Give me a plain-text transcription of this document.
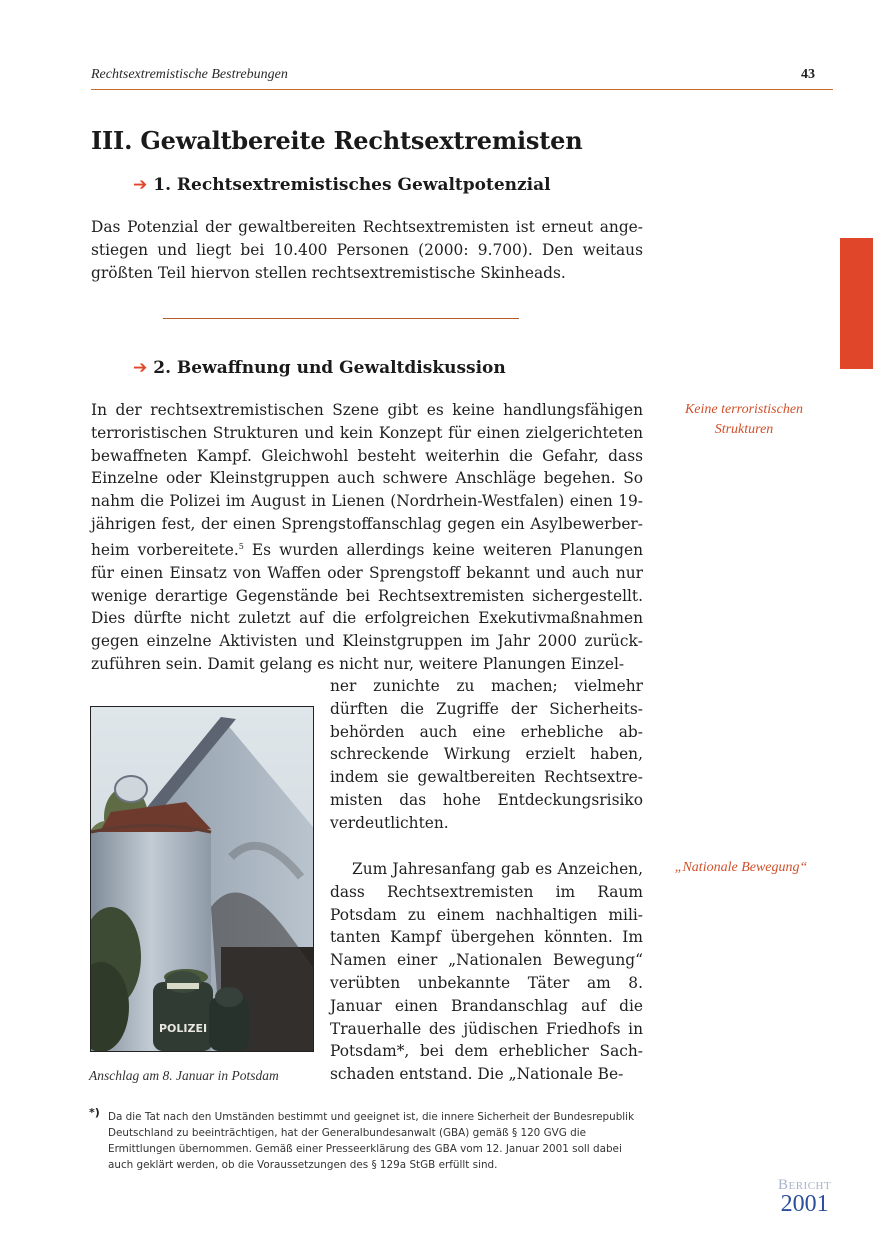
Rechtsextremistische Bestrebungen	43
III. Gewaltbereite Rechtsextremisten
➔ 1. Rechtsextremistisches Gewaltpotenzial

Das Potenzial der gewaltbereiten Rechtsextremisten ist erneut angestiegen und liegt bei 10.400 Personen (2000: 9.700). Den weitaus größten Teil hiervon stellen rechtsextremistische Skinheads.

➔ 2. Bewaffnung und Gewaltdiskussion

In der rechtsextremistischen Szene gibt es keine handlungsfähigen terroristischen Strukturen und kein Konzept für einen zielgerichteten bewaffneten Kampf. Gleichwohl besteht weiterhin die Gefahr, dass Einzelne oder Kleinstgruppen auch schwere Anschläge begehen. So nahm die Polizei im August in Lienen (Nordrhein-Westfalen) einen 19-jährigen fest, der einen Sprengstoffanschlag gegen ein Asylbewerberheim vorbereitete.$^5$ Es wurden allerdings keine weiteren Planungen für einen Einsatz von Waffen oder Sprengstoff bekannt und auch nur wenige derartige Gegenstände bei Rechtsextremisten sichergestellt. Dies dürfte nicht zuletzt auf die erfolgreichen Exekutivmaßnahmen gegen einzelne Aktivisten und Kleinstgruppen im Jahr 2000 zurückzuführen sein. Damit gelang es nicht nur, weitere Planungen Einzel-

ner zunichte zu machen; vielmehr dürften die Zugriffe der Sicherheitsbehörden auch eine erhebliche abschreckende Wirkung erzielt haben, indem sie gewaltbereiten Rechtsextremisten das hohe Entdeckungsrisiko verdeutlichten.

Zum Jahresanfang gab es Anzeichen, dass Rechtsextremisten im Raum Potsdam zu einem nachhaltigen militanten Kampf übergehen könnten. Im Namen einer „Nationalen Bewegung“ verübten unbekannte Täter am 8. Januar einen Brandanschlag auf die Trauerhalle des jüdischen Friedhofs in Potsdam*, bei dem erheblicher Sachschaden entstand. Die „Nationale Be-

Keine terroristischen Strukturen
„Nationale Bewegung“
POLIZEI
Anschlag am 8. Januar in Potsdam
*) Da die Tat nach den Umständen bestimmt und geeignet ist, die innere Sicherheit der Bundesrepublik Deutschland zu beeinträchtigen, hat der Generalbundesanwalt (GBA) gemäß § 120 GVG die Ermittlungen übernommen. Gemäß einer Presseerklärung des GBA vom 12. Januar 2001 soll dabei auch geklärt werden, ob die Voraussetzungen des § 129a StGB erfüllt sind.

Bericht
2001
